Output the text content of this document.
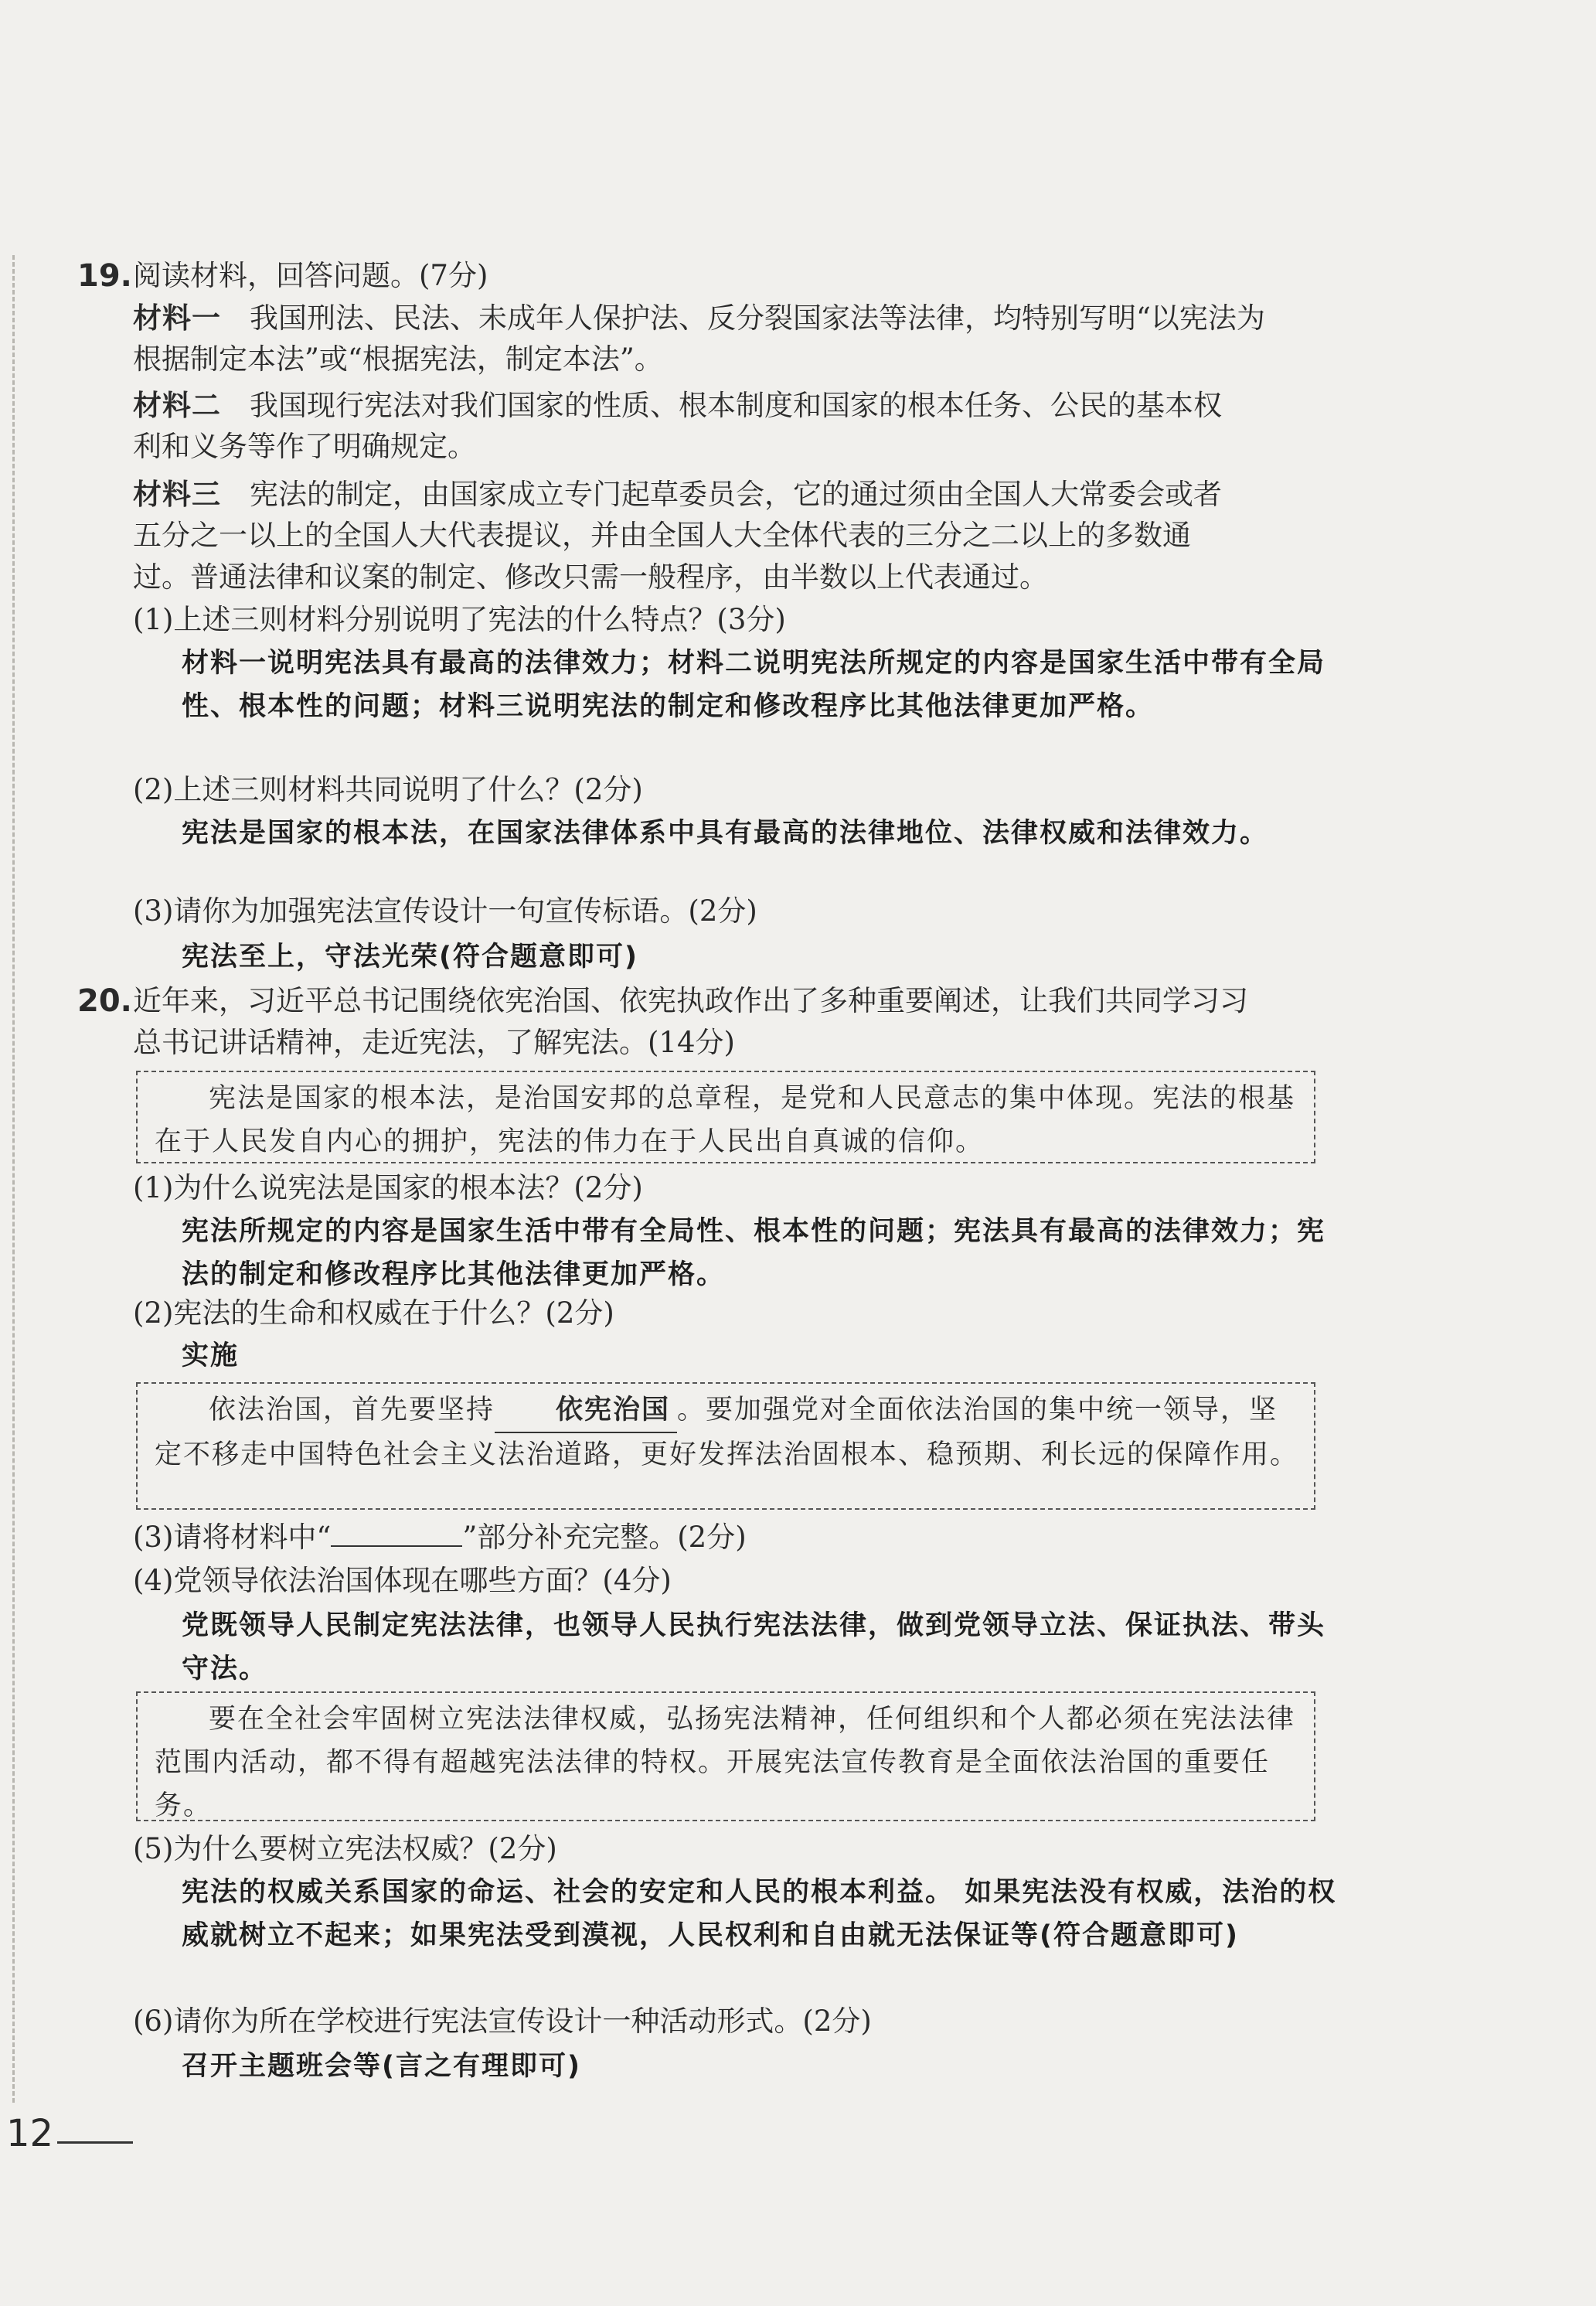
19. 阅读材料，回答问题。(7分)
材料一　 我国刑法、民法、未成年人保护法、反分裂国家法等法律，均特别写明“以宪法为
根据制定本法”或“根据宪法，制定本法”。
材料二　 我国现行宪法对我们国家的性质、根本制度和国家的根本任务、公民的基本权
利和义务等作了明确规定。
材料三　 宪法的制定，由国家成立专门起草委员会，它的通过须由全国人大常委会或者
五分之一以上的全国人大代表提议，并由全国人大全体代表的三分之二以上的多数通
过。普通法律和议案的制定、修改只需一般程序，由半数以上代表通过。
(1)上述三则材料分别说明了宪法的什么特点？(3分)
材料一说明宪法具有最高的法律效力；材料二说明宪法所规定的内容是国家生活中带有全局性、根本性的问题；材料三说明宪法的制定和修改程序比其他法律更加严格。
(2)上述三则材料共同说明了什么？(2分)
宪法是国家的根本法，在国家法律体系中具有最高的法律地位、法律权威和法律效力。
(3)请你为加强宪法宣传设计一句宣传标语。(2分)
宪法至上，守法光荣(符合题意即可)
20. 近年来，习近平总书记围绕依宪治国、依宪执政作出了多种重要阐述，让我们共同学习习
总书记讲话精神，走近宪法，了解宪法。(14分)
宪法是国家的根本法，是治国安邦的总章程，是党和人民意志的集中体现。宪法的根基在于人民发自内心的拥护，宪法的伟力在于人民出自真诚的信仰。
(1)为什么说宪法是国家的根本法？(2分)
宪法所规定的内容是国家生活中带有全局性、根本性的问题；宪法具有最高的法律效力；宪法的制定和修改程序比其他法律更加严格。
(2)宪法的生命和权威在于什么？(2分)
实施
依法治国，首先要坚持 依宪治国 。要加强党对全面依法治国的集中统一领导，坚定不移走中国特色社会主义法治道路，更好发挥法治固根本、稳预期、利长远的保障作用。
(3)请将材料中“	”部分补充完整。(2分)
(4)党领导依法治国体现在哪些方面？(4分)
党既领导人民制定宪法法律，也领导人民执行宪法法律，做到党领导立法、保证执法、带头守法。
要在全社会牢固树立宪法法律权威，弘扬宪法精神，任何组织和个人都必须在宪法法律范围内活动，都不得有超越宪法法律的特权。开展宪法宣传教育是全面依法治国的重要任务。
(5)为什么要树立宪法权威？(2分)
宪法的权威关系国家的命运、社会的安定和人民的根本利益。 如果宪法没有权威，法治的权威就树立不起来；如果宪法受到漠视，人民权利和自由就无法保证等(符合题意即可)
(6)请你为所在学校进行宪法宣传设计一种活动形式。(2分)
召开主题班会等(言之有理即可)
12
